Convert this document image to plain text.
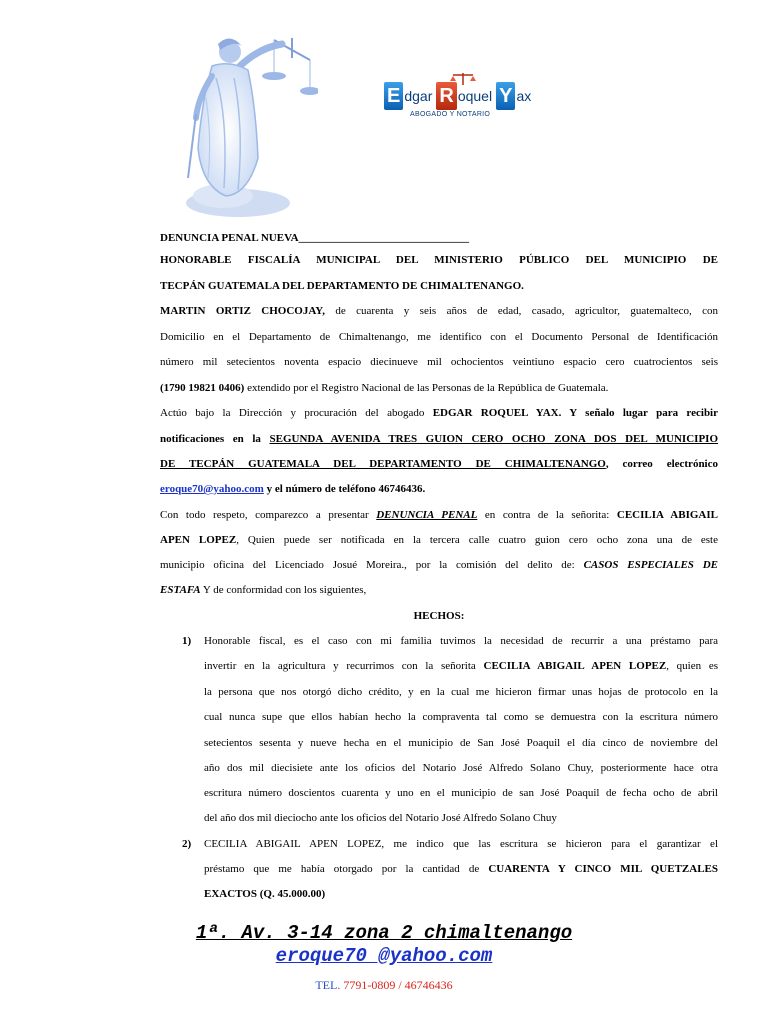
E dgar R oquel Y ax
ABOGADO Y NOTARIO
DENUNCIA PENAL NUEVA_______________________________
HONORABLE FISCALÍA MUNICIPAL DEL MINISTERIO PÚBLICO DEL MUNICIPIO DE
TECPÁN GUATEMALA DEL DEPARTAMENTO DE CHIMALTENANGO.
MARTIN ORTIZ CHOCOJAY, de cuarenta y seis años de edad, casado, agricultor, guatemalteco, con
Domicilio en el Departamento de Chimaltenango, me identifico con el Documento Personal de Identificación
número mil setecientos noventa espacio diecinueve mil ochocientos veintiuno espacio cero cuatrocientos seis
(1790 19821 0406) extendido por el Registro Nacional de las Personas de la República de Guatemala.
Actúo bajo la Dirección y procuración del abogado EDGAR ROQUEL YAX. Y señalo lugar para recibir
notificaciones en la SEGUNDA AVENIDA TRES GUION CERO OCHO ZONA DOS DEL MUNICIPIO
DE TECPÁN GUATEMALA DEL DEPARTAMENTO DE CHIMALTENANGO, correo electrónico
eroque70@yahoo.com y el número de teléfono 46746436.
Con todo respeto, comparezco a presentar DENUNCIA PENAL en contra de la señorita: CECILIA ABIGAIL
APEN LOPEZ, Quien puede ser notificada en la tercera calle cuatro guion cero ocho zona una de este
municipio oficina del Licenciado Josué Moreira., por la comisión del delito de: CASOS ESPECIALES DE
ESTAFA Y de conformidad con los siguientes,
HECHOS:
1) Honorable fiscal, es el caso con mi familia tuvimos la necesidad de recurrir a una préstamo para
invertir en la agricultura y recurrimos con la señorita CECILIA ABIGAIL APEN LOPEZ, quien es
la persona que nos otorgó dicho crédito, y en la cual me hicieron firmar unas hojas de protocolo en la
cual nunca supe que ellos habían hecho la compraventa tal como se demuestra con la escritura número
setecientos sesenta y nueve hecha en el municipio de San José Poaquil el día cinco de noviembre del
año dos mil diecisiete ante los oficios del Notario José Alfredo Solano Chuy, posteriormente hace otra
escritura número doscientos cuarenta y uno en el municipio de san José Poaquil de fecha ocho de abril
del año dos mil dieciocho ante los oficios del Notario José Alfredo Solano Chuy
2) CECILIA ABIGAIL APEN LOPEZ, me indico que las escritura se hicieron para el garantizar el
préstamo que me había otorgado por la cantidad de CUARENTA Y CINCO MIL QUETZALES
EXACTOS (Q. 45.000.00)
1ª. Av. 3-14 zona 2 chimaltenango
eroque70 @yahoo.com
TEL. 7791-0809 / 46746436
